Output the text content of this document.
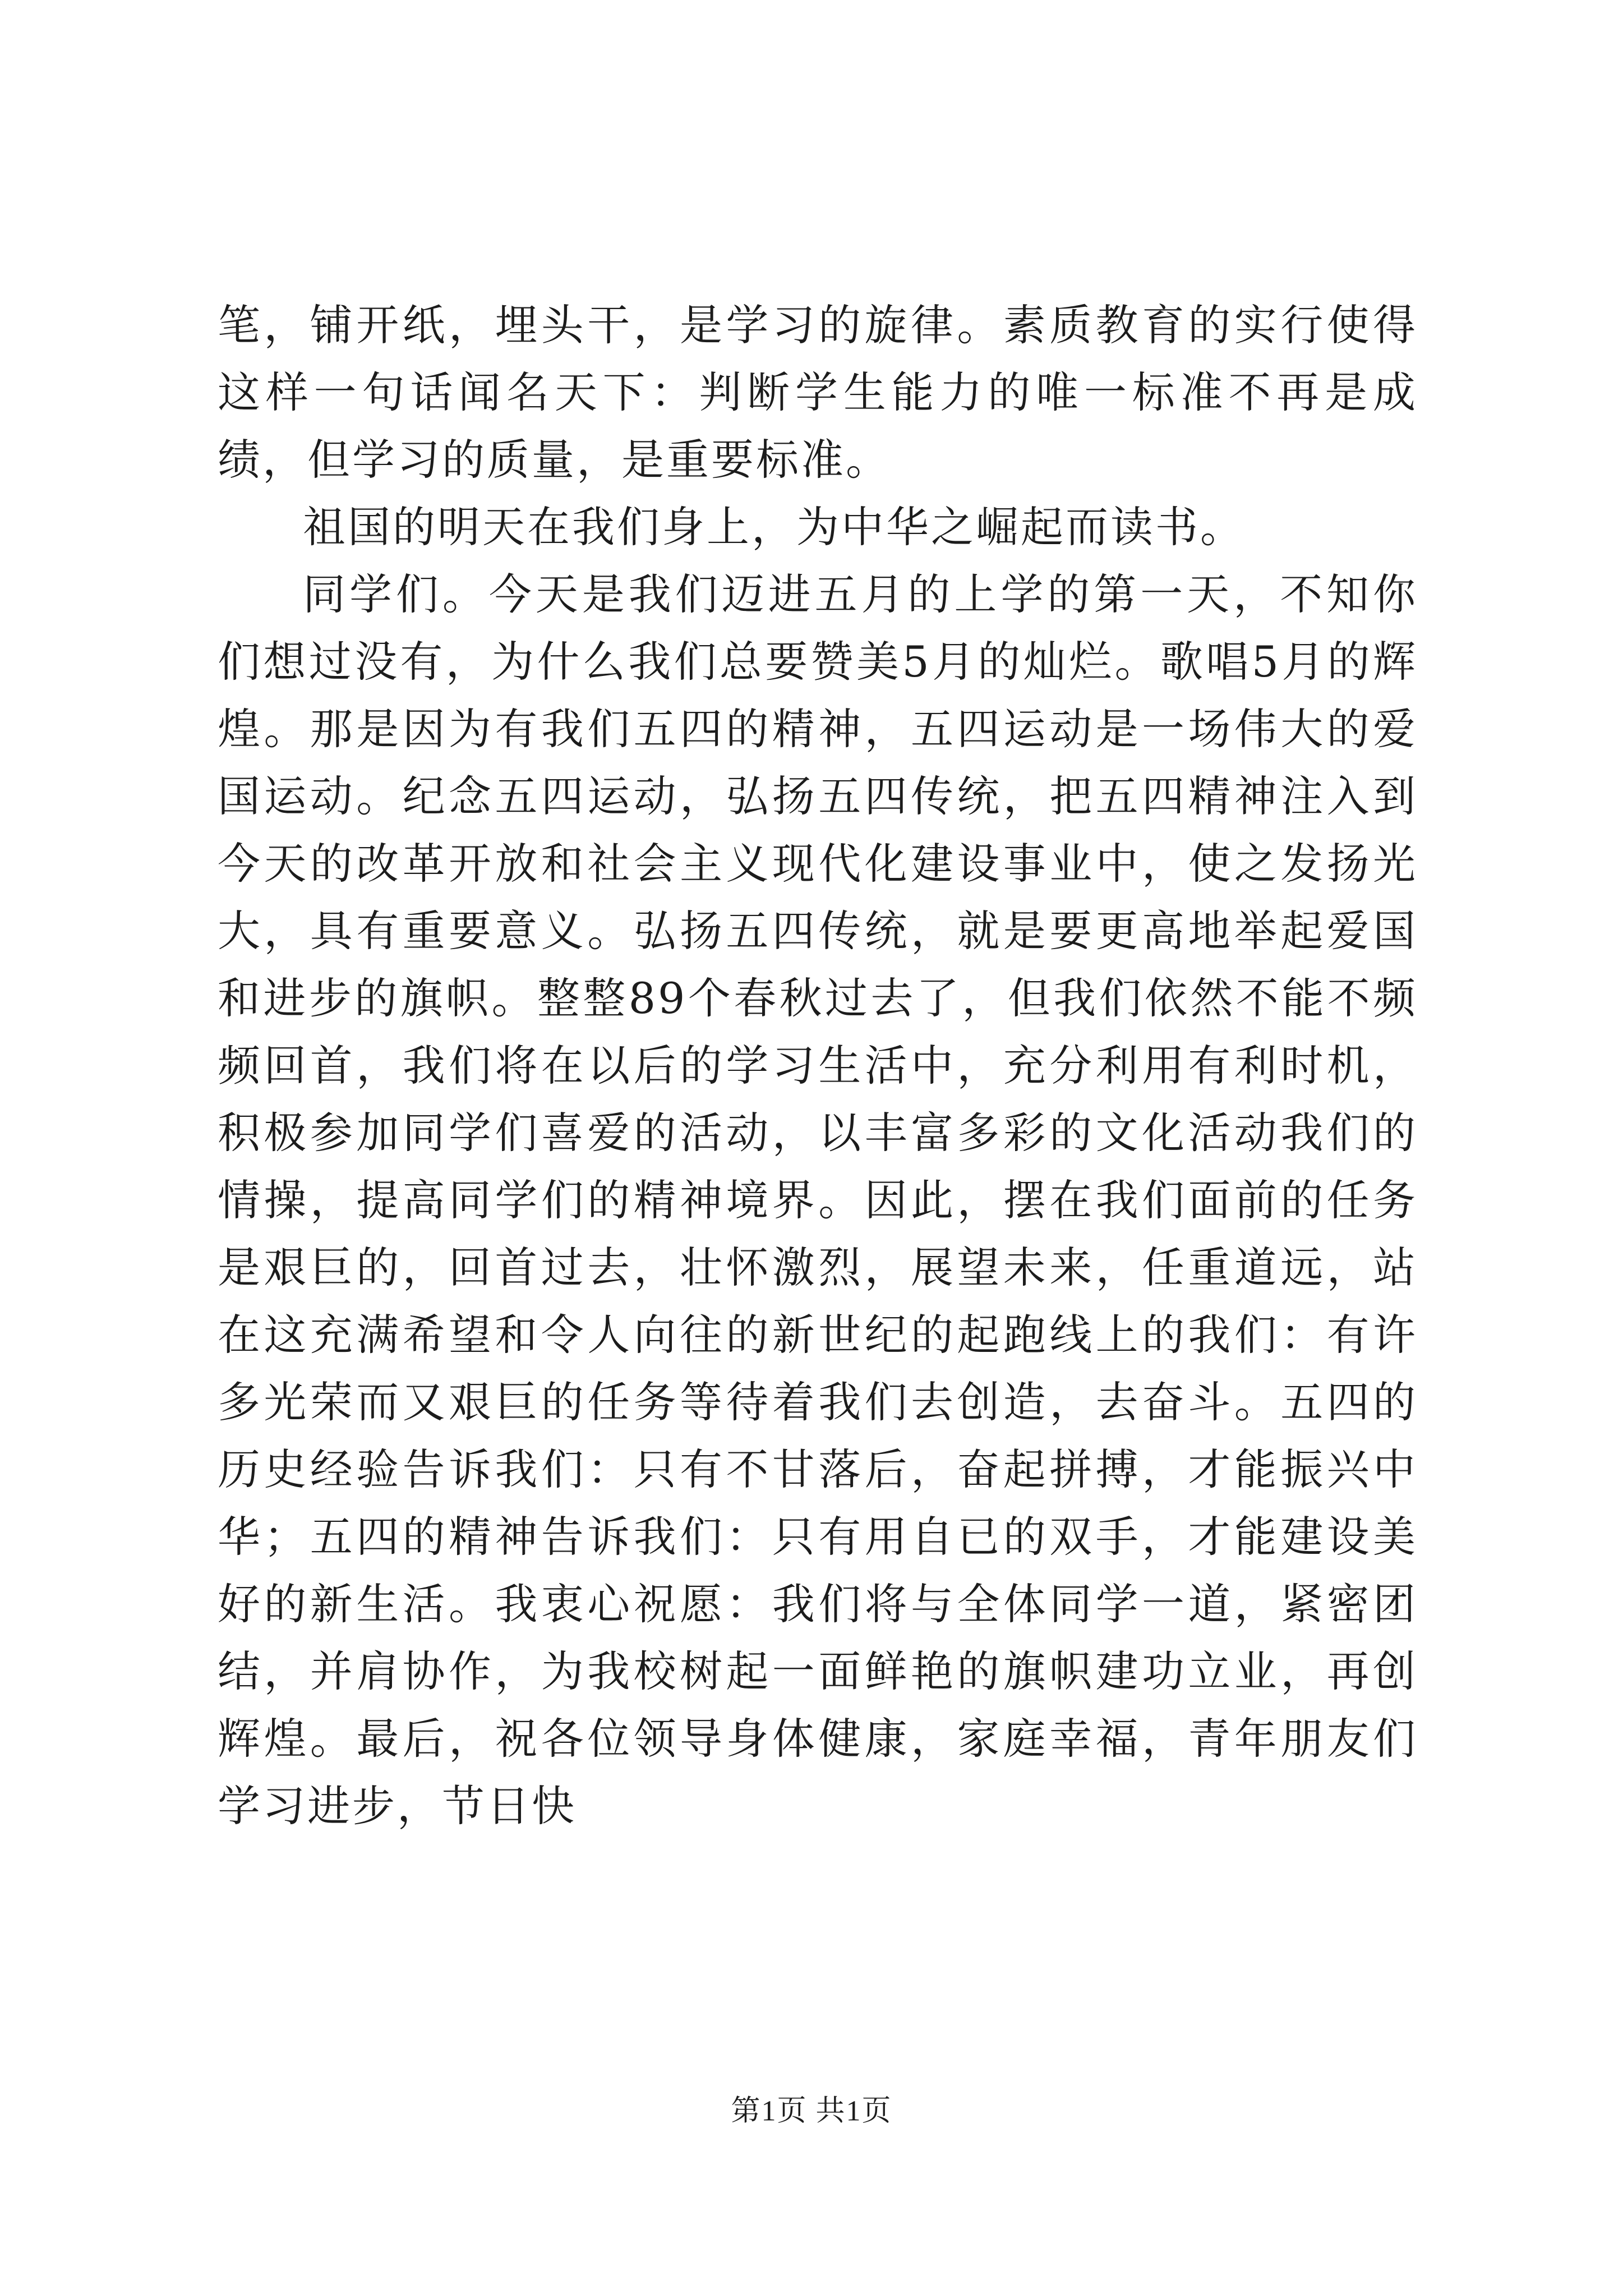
笔，铺开纸，埋头干，是学习的旋律。素质教育的实行使得这样一句话闻名天下：判断学生能力的唯一标准不再是成绩，但学习的质量，是重要标准。

祖国的明天在我们身上，为中华之崛起而读书。

同学们。今天是我们迈进五月的上学的第一天，不知你们想过没有，为什么我们总要赞美5月的灿烂。歌唱5月的辉煌。那是因为有我们五四的精神，五四运动是一场伟大的爱国运动。纪念五四运动，弘扬五四传统，把五四精神注入到今天的改革开放和社会主义现代化建设事业中，使之发扬光大，具有重要意义。弘扬五四传统，就是要更高地举起爱国和进步的旗帜。整整89个春秋过去了，但我们依然不能不频频回首，我们将在以后的学习生活中，充分利用有利时机，积极参加同学们喜爱的活动，以丰富多彩的文化活动我们的情操，提高同学们的精神境界。因此，摆在我们面前的任务是艰巨的，回首过去，壮怀激烈，展望未来，任重道远，站在这充满希望和令人向往的新世纪的起跑线上的我们：有许多光荣而又艰巨的任务等待着我们去创造，去奋斗。五四的历史经验告诉我们：只有不甘落后，奋起拼搏，才能振兴中华；五四的精神告诉我们：只有用自已的双手，才能建设美好的新生活。我衷心祝愿：我们将与全体同学一道，紧密团结，并肩协作，为我校树起一面鲜艳的旗帜建功立业，再创辉煌。最后，祝各位领导身体健康，家庭幸福，青年朋友们学习进步，节日快

第1页 共1页
